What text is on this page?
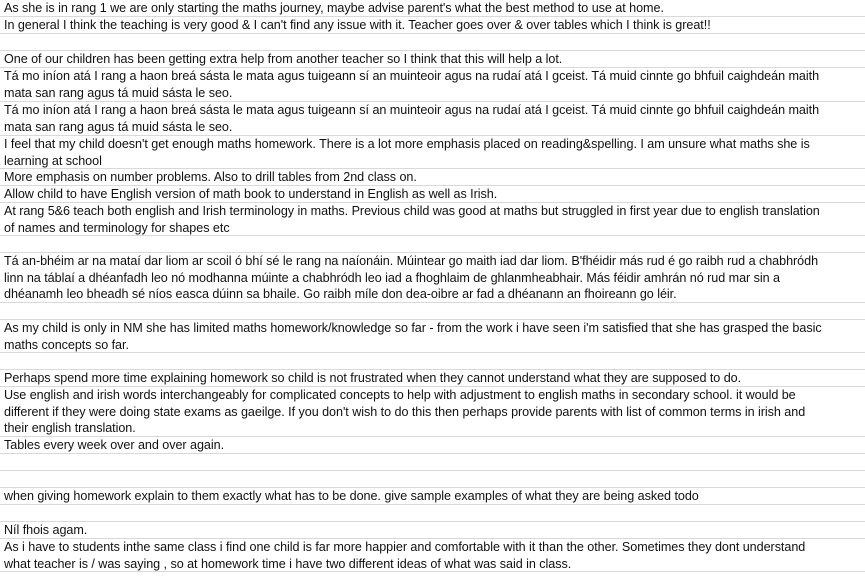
As she is in rang 1 we are only starting the maths journey, maybe advise parent's what the best method to use at home.
In general I think the teaching is very good & I can't find any issue with it. Teacher goes over & over tables which I think is great!!
One of our children has been getting extra help from another teacher so I think that this will help a lot.
Tá mo iníon atá I rang a haon breá sásta le mata agus tuigeann sí an muinteoir agus na rudaí atá I gceist. Tá muid cinnte go bhfuil caighdeán maith
mata san rang agus tá muid sásta le seo.
Tá mo iníon atá I rang a haon breá sásta le mata agus tuigeann sí an muinteoir agus na rudaí atá I gceist. Tá muid cinnte go bhfuil caighdeán maith
mata san rang agus tá muid sásta le seo.
I feel that my child doesn't get enough maths homework. There is a lot more emphasis placed on reading&spelling. I am unsure what maths she is
learning at school
More emphasis on number problems. Also to drill tables from 2nd class on.
Allow child to have English version of math book to understand in English as well as Irish.
At rang 5&6 teach both english and Irish terminology in maths. Previous child was good at maths but struggled in first year due to english translation
of names and terminology for shapes etc
Tá an-bhéim ar na mataí dar liom ar scoil ó bhí sé le rang na naíonáin. Múintear go maith iad dar liom. B'fhéidir más rud é go raibh rud a chabhródh
linn na táblaí a dhéanfadh leo nó modhanna múinte a chabhródh leo iad a fhoghlaim de ghlanmheabhair. Más féidir amhrán nó rud mar sin a
dhéanamh leo bheadh sé níos easca dúinn sa bhaile. Go raibh míle don dea-oibre ar fad a dhéanann an fhoireann go léir.
As my child is only in NM she has limited maths homework/knowledge so far - from the work i have seen i'm satisfied that she has grasped the basic
maths concepts so far.
Perhaps spend more time explaining homework so child is not frustrated when they cannot understand what they are supposed to do.
Use english and irish words interchangeably for complicated concepts to help with adjustment to english maths in secondary school. it would be
different if they were doing state exams as gaeilge. If you don't wish to do this then perhaps provide parents with list of common terms in irish and
their english translation.
Tables every week over and over again.
when giving homework explain to them exactly what has to be done. give sample examples of what they are being asked todo
Níl fhois agam.
As i have to students inthe same class i find one child is far more happier and comfortable with it than the other. Sometimes they dont understand
what teacher is / was saying , so at homework time i have two different ideas of what was said in class.
